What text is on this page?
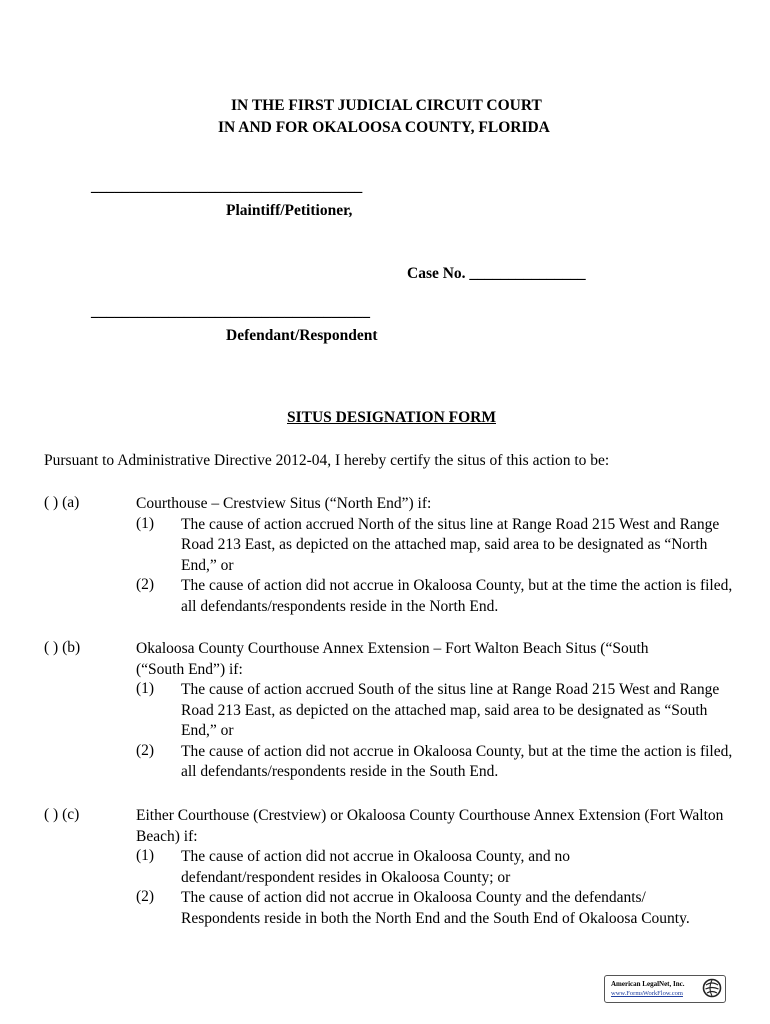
IN THE FIRST JUDICIAL CIRCUIT COURT
IN AND FOR OKALOOSA COUNTY, FLORIDA
___________________________________
Plaintiff/Petitioner,
Case No. _______________
____________________________________
Defendant/Respondent
SITUS DESIGNATION FORM
Pursuant to Administrative Directive 2012-04, I hereby certify the situs of this action to be:
( ) (a)	Courthouse – Crestview Situs (“North End”) if:
(1) The cause of action accrued North of the situs line at Range Road 215 West and Range Road 213 East, as depicted on the attached map, said area to be designated as “North End,” or
(2) The cause of action did not accrue in Okaloosa County, but at the time the action is filed, all defendants/respondents reside in the North End.
( ) (b)	Okaloosa County Courthouse Annex Extension – Fort Walton Beach Situs (“South (“South End”) if:
(1) The cause of action accrued South of the situs line at Range Road 215 West and Range Road 213 East, as depicted on the attached map, said area to be designated as “South End,” or
(2) The cause of action did not accrue in Okaloosa County, but at the time the action is filed, all defendants/respondents reside in the South End.
( ) (c)	Either Courthouse (Crestview) or Okaloosa County Courthouse Annex Extension (Fort Walton Beach) if:
(1) The cause of action did not accrue in Okaloosa County, and no defendant/respondent resides in Okaloosa County; or
(2) The cause of action did not accrue in Okaloosa County and the defendants/ Respondents reside in both the North End and the South End of Okaloosa County.
American LegalNet, Inc.
www.FormsWorkFlow.com
